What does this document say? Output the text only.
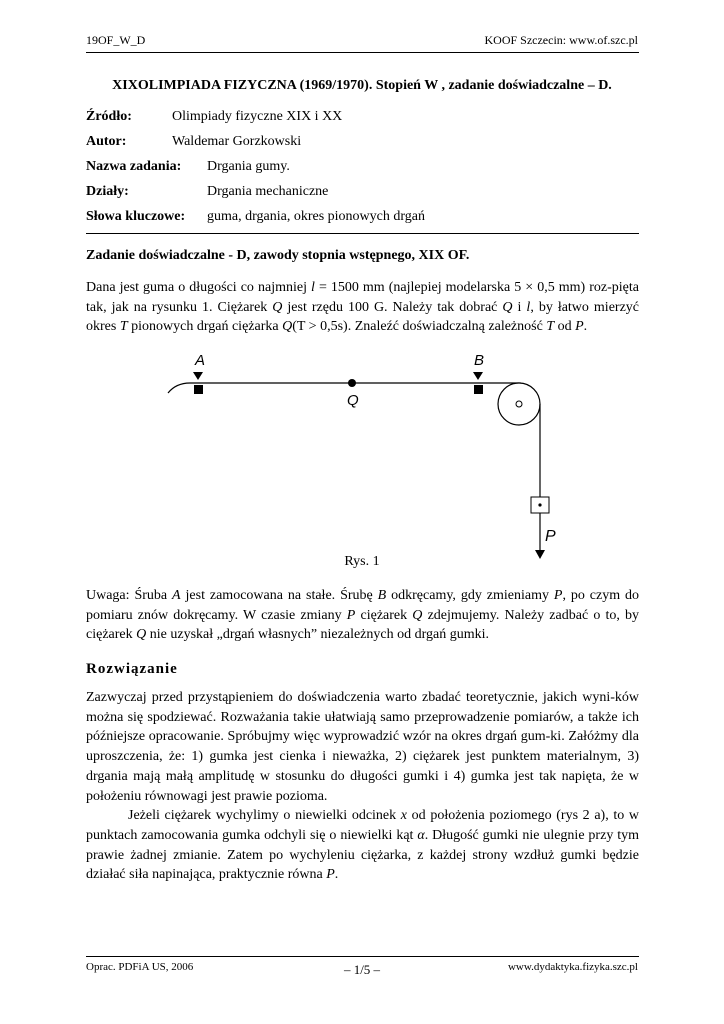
19OF_W_D	KOOF Szczecin: www.of.szc.pl
XIXOLIMPIADA FIZYCZNA (1969/1970). Stopień W , zadanie doświadczalne – D.
Źródło:	Olimpiady fizyczne XIX i XX
Autor:	Waldemar Gorzkowski
Nazwa zadania: Drgania gumy.
Działy:	Drgania mechaniczne
Słowa kluczowe: guma, drgania, okres pionowych drgań
Zadanie doświadczalne - D, zawody stopnia wstępnego, XIX OF.

Dana jest guma o długości co najmniej l = 1500 mm (najlepiej modelarska 5 × 0,5 mm) roz-pięta tak, jak na rysunku 1. Ciężarek Q jest rzędu 100 G. Należy tak dobrać Q i l, by łatwo mierzyć okres T pionowych drgań ciężarka Q(T > 0,5s). Znaleźć doświadczalną zależność T od P.

A	B
Q
P
Rys. 1

Uwaga: Śruba A jest zamocowana na stałe. Śrubę B odkręcamy, gdy zmieniamy P, po czym do pomiaru znów dokręcamy. W czasie zmiany P ciężarek Q zdejmujemy. Należy zadbać o to, by ciężarek Q nie uzyskał „drgań własnych” niezależnych od drgań gumki.

Rozwiązanie

Zazwyczaj przed przystąpieniem do doświadczenia warto zbadać teoretycznie, jakich wyni-ków można się spodziewać. Rozważania takie ułatwiają samo przeprowadzenie pomiarów, a także ich późniejsze opracowanie. Spróbujmy więc wyprowadzić wzór na okres drgań gum-ki. Załóżmy dla uproszczenia, że: 1) gumka jest cienka i nieważka, 2) ciężarek jest punktem materialnym, 3) drgania mają małą amplitudę w stosunku do długości gumki i 4) gumka jest tak napięta, że w położeniu równowagi jest prawie pozioma.

Jeżeli ciężarek wychylimy o niewielki odcinek x od położenia poziomego (rys 2 a), to w punktach zamocowania gumka odchyli się o niewielki kąt α. Długość gumki nie ulegnie przy tym prawie żadnej zmianie. Zatem po wychyleniu ciężarka, z każdej strony wzdłuż gumki będzie działać siła napinająca, praktycznie równa P.

Oprac. PDFiA US, 2006	– 1/5 –	www.dydaktyka.fizyka.szc.pl
